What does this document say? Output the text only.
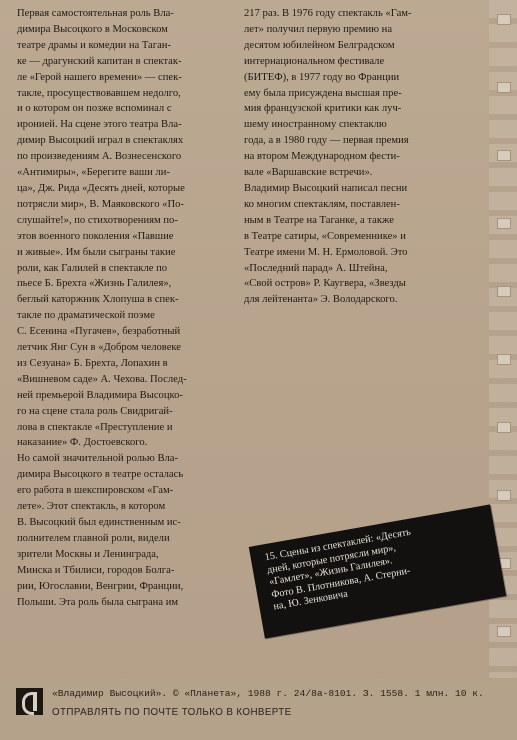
Первая самостоятельная роль Вла-
димира Высоцкого в Московском
театре драмы и комедии на Таган-
ке — драгунский капитан в спектак-
ле «Герой нашего времени» — спек-
такле, просуществовавшем недолго,
и о котором он позже вспоминал с
иронией. На сцене этого театра Вла-
димир Высоцкий играл в спектаклях
по произведениям А. Вознесенского
«Антимиры», «Берегите ваши ли-
ца», Дж. Рида «Десять дней, которые
потрясли мир», В. Маяковского «По-
слушайте!», по стихотворениям по-
этов военного поколения «Павшие
и живые». Им были сыграны такие
роли, как Галилей в спектакле по
пьесе Б. Брехта «Жизнь Галилея»,
беглый каторжник Хлопуша в спек-
такле по драматической поэме
С. Есенина «Пугачев», безработный
летчик Янг Сун в «Добром человеке
из Сезуана» Б. Брехта, Лопахин в
«Вишневом саде» А. Чехова. Послед-
ней премьерой Владимира Высоцко-
го на сцене стала роль Свидригай-
лова в спектакле «Преступление и
наказание» Ф. Достоевского.
Но самой значительной ролью Вла-
димира Высоцкого в театре осталась
его работа в шекспировском «Гам-
лете». Этот спектакль, в котором
В. Высоцкий был единственным ис-
полнителем главной роли, видели
зрители Москвы и Ленинграда,
Минска и Тбилиси, городов Болга-
рии, Югославии, Венгрии, Франции,
Польши. Эта роль была сыграна им

217 раз. В 1976 году спектакль «Гам-
лет» получил первую премию на
десятом юбилейном Белградском
интернациональном фестивале
(БИТЕФ), в 1977 году во Франции
ему была присуждена высшая пре-
мия французской критики как луч-
шему иностранному спектаклю
года, а в 1980 году — первая премия
на втором Международном фести-
вале «Варшавские встречи».
Владимир Высоцкий написал песни
ко многим спектаклям, поставлен-
ным в Театре на Таганке, а также
в Театре сатиры, «Современнике» и
Театре имени М. Н. Ермоловой. Это
«Последний парад» А. Штейна,
«Свой остров» Р. Каугвера, «Звезды
для лейтенанта» Э. Володарского.

15. Сцены из спектаклей: «Десять
дней, которые потрясли мир»,
«Гамлет», «Жизнь Галилея».
Фото В. Плотникова, А. Стерни-
на, Ю. Зенковича
«Владимир Высоцкий». © «Планета», 1988 г. 24/8а-8101. З. 1558. 1 млн. 10 к.
ОТПРАВЛЯТЬ ПО ПОЧТЕ ТОЛЬКО В КОНВЕРТЕ
